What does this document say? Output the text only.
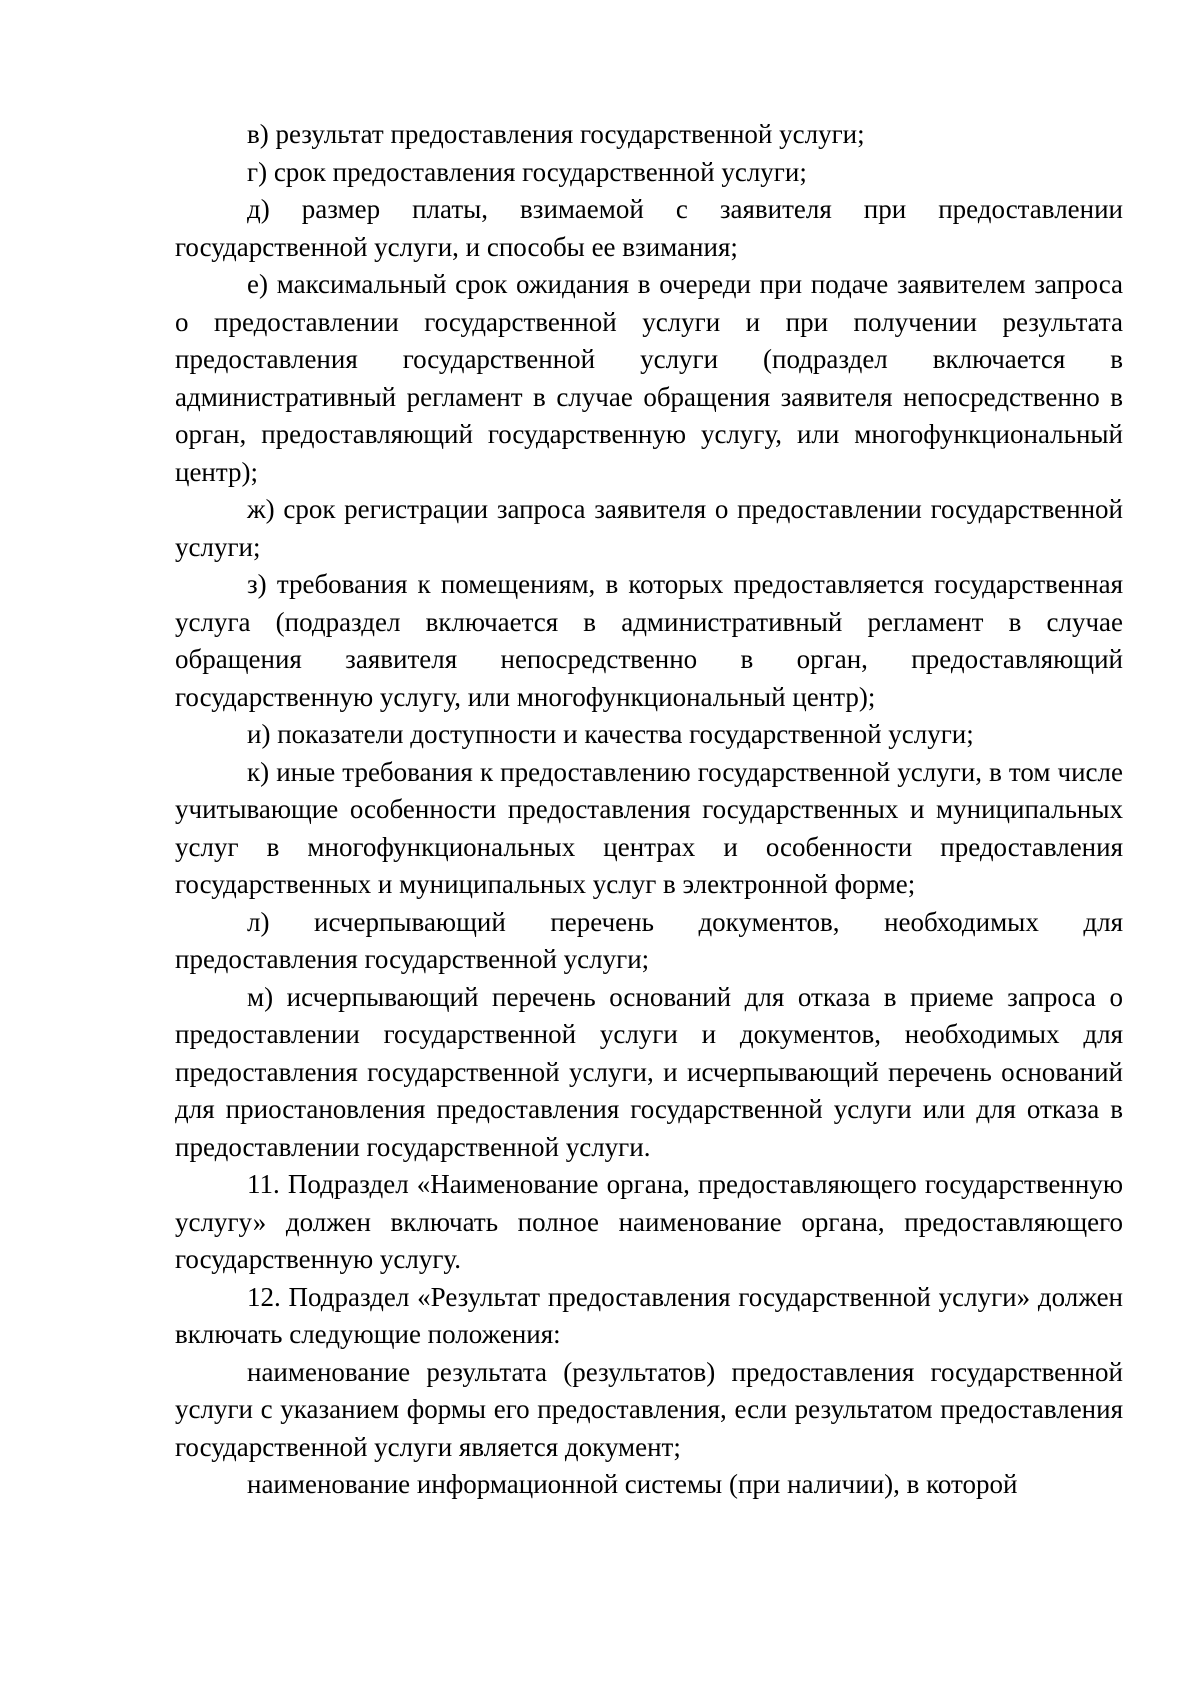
в) результат предоставления государственной услуги;

г) срок предоставления государственной услуги;

д) размер платы, взимаемой с заявителя при предоставлении государственной услуги, и способы ее взимания;

е) максимальный срок ожидания в очереди при подаче заявителем запроса о предоставлении государственной услуги и при получении результата предоставления государственной услуги (подраздел включается в административный регламент в случае обращения заявителя непосредственно в орган, предоставляющий государственную услугу, или многофункциональный центр);

ж) срок регистрации запроса заявителя о предоставлении государственной услуги;

з) требования к помещениям, в которых предоставляется государственная услуга (подраздел включается в административный регламент в случае обращения заявителя непосредственно в орган, предоставляющий государственную услугу, или многофункциональный центр);

и) показатели доступности и качества государственной услуги;

к) иные требования к предоставлению государственной услуги, в том числе учитывающие особенности предоставления государственных и муниципальных услуг в многофункциональных центрах и особенности предоставления государственных и муниципальных услуг в электронной форме;

л) исчерпывающий перечень документов, необходимых для предоставления государственной услуги;

м) исчерпывающий перечень оснований для отказа в приеме запроса о предоставлении государственной услуги и документов, необходимых для предоставления государственной услуги, и исчерпывающий перечень оснований для приостановления предоставления государственной услуги или для отказа в предоставлении государственной услуги.

11. Подраздел «Наименование органа, предоставляющего государственную услугу» должен включать полное наименование органа, предоставляющего государственную услугу.

12. Подраздел «Результат предоставления государственной услуги» должен включать следующие положения:

наименование результата (результатов) предоставления государственной услуги с указанием формы его предоставления, если результатом предоставления государственной услуги является документ;

наименование информационной системы (при наличии), в которой
